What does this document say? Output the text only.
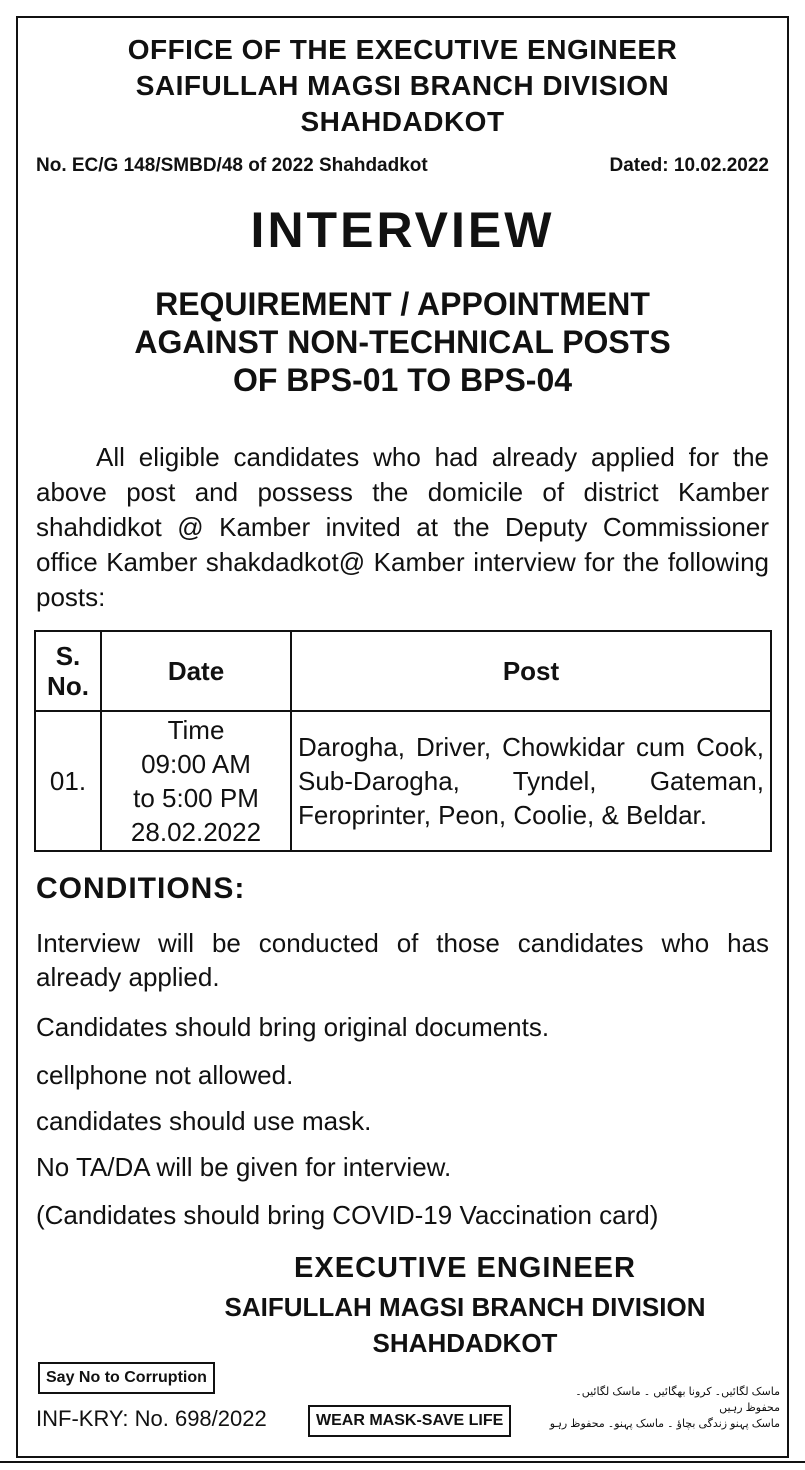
OFFICE OF THE EXECUTIVE ENGINEER
SAIFULLAH MAGSI BRANCH DIVISION
SHAHDADKOT
No. EC/G 148/SMBD/48 of 2022 Shahdadkot	Dated: 10.02.2022
INTERVIEW
REQUIREMENT / APPOINTMENT
AGAINST NON-TECHNICAL POSTS
OF BPS-01 TO BPS-04
All eligible candidates who had already applied for the above post and possess the domicile of district Kamber shahdidkot @ Kamber invited at the Deputy Commissioner office Kamber shakdadkot@ Kamber interview for the following posts:
S. No.	Date	Post
01.	Time
09:00 AM
to 5:00 PM
28.02.2022	Darogha, Driver, Chowkidar cum Cook, Sub-Darogha, Tyndel, Gateman, Feroprinter, Peon, Coolie, & Beldar.
CONDITIONS:
Interview will be conducted of those candidates who has already applied.
Candidates should bring original documents.
cellphone not allowed.
candidates should use mask.
No TA/DA will be given for interview.
(Candidates should bring COVID-19 Vaccination card)
EXECUTIVE ENGINEER
SAIFULLAH MAGSI BRANCH DIVISION
SHAHDADKOT
Say No to Corruption
INF-KRY: No. 698/2022	WEAR MASK-SAVE LIFE
ماسک لگائیں۔ کرونا بھگائیں ۔ ماسک لگائیں۔ محفوظ رہیں
ماسک پہنو زندگی بچاؤ ۔ ماسک پہنو۔ محفوظ رہو
